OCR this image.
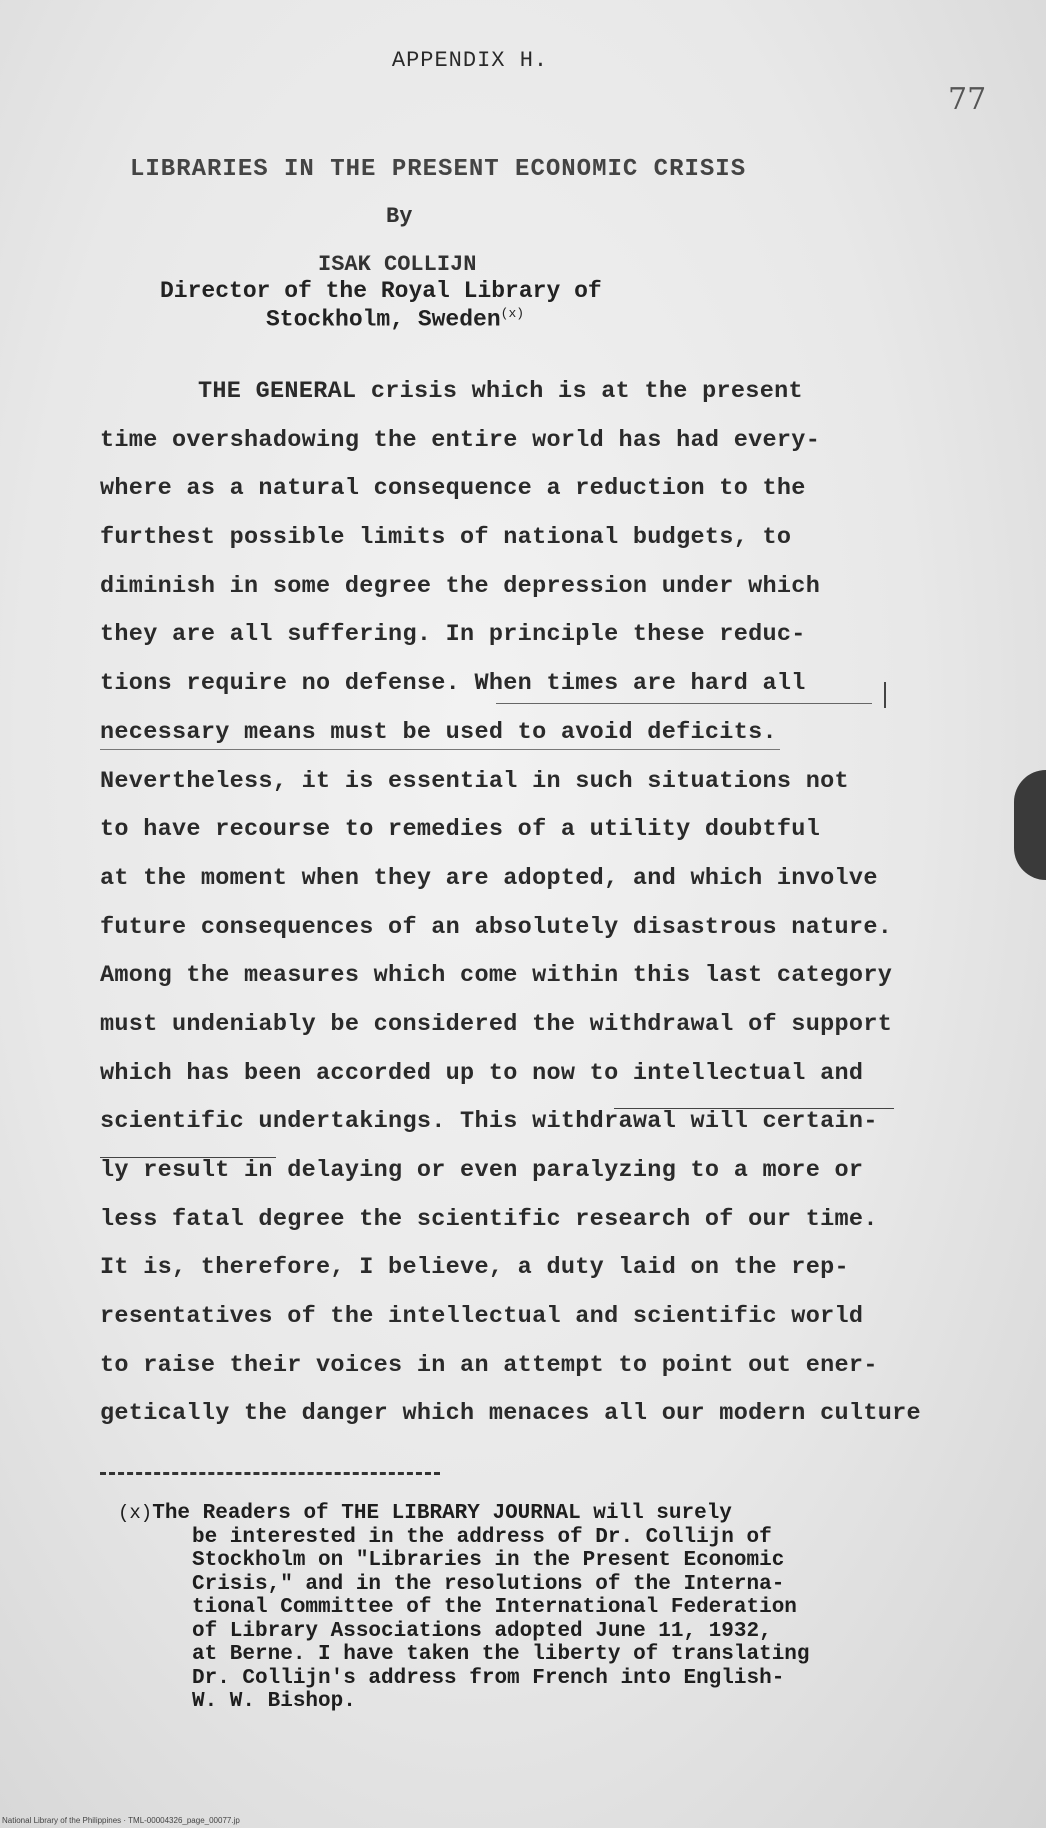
APPENDIX H.
77
LIBRARIES IN THE PRESENT ECONOMIC CRISIS
By
ISAK COLLIJN
Director of the Royal Library of
Stockholm, Sweden$^{(x)}$
THE GENERAL crisis which is at the present
time overshadowing the entire world has had every-
where as a natural consequence a reduction to the
furthest possible limits of national budgets, to
diminish in some degree the depression under which
they are all suffering. In principle these reduc-
tions require no defense. When times are hard all
necessary means must be used to avoid deficits.
Nevertheless, it is essential in such situations not
to have recourse to remedies of a utility doubtful
at the moment when they are adopted, and which involve
future consequences of an absolutely disastrous nature.
Among the measures which come within this last category
must undeniably be considered the withdrawal of support
which has been accorded up to now to intellectual and
scientific undertakings. This withdrawal will certain-
ly result in delaying or even paralyzing to a more or
less fatal degree the scientific research of our time.
It is, therefore, I believe, a duty laid on the rep-
resentatives of the intellectual and scientific world
to raise their voices in an attempt to point out ener-
getically the danger which menaces all our modern culture
(x)The Readers of THE LIBRARY JOURNAL will surely
be interested in the address of Dr. Collijn of
Stockholm on "Libraries in the Present Economic
Crisis," and in the resolutions of the Interna-
tional Committee of the International Federation
of Library Associations adopted June 11, 1932,
at Berne. I have taken the liberty of translating
Dr. Collijn's address from French into English-
W. W. Bishop.
National Library of the Philippines · TML-00004326_page_00077.jp
